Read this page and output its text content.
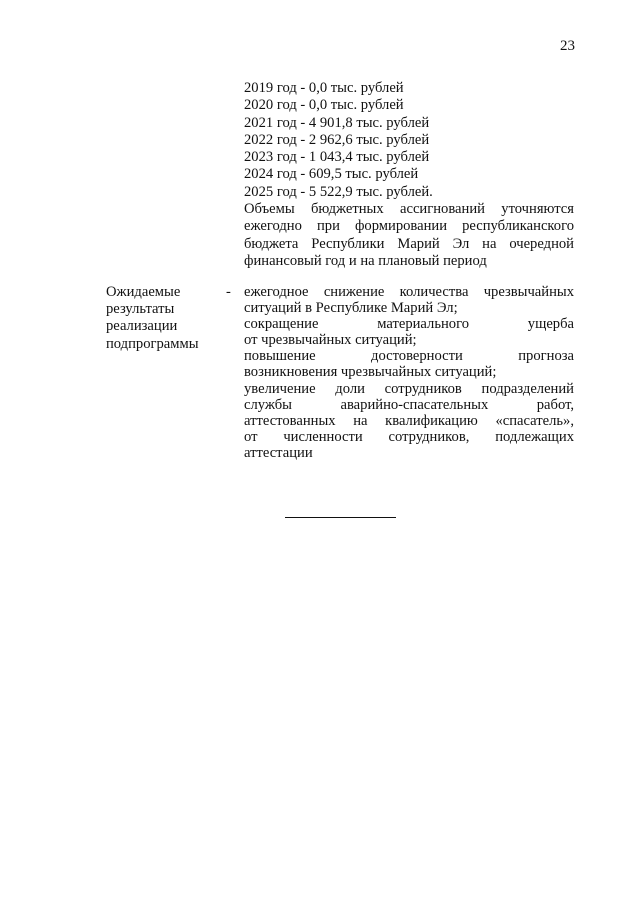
23
2019 год - 0,0 тыс. рублей
2020 год - 0,0 тыс. рублей
2021 год - 4 901,8 тыс. рублей
2022 год - 2 962,6 тыс. рублей
2023 год - 1 043,4 тыс. рублей
2024 год - 609,5 тыс. рублей
2025 год - 5 522,9 тыс. рублей.
Объемы бюджетных ассигнований уточняются
ежегодно при формировании республиканского
бюджета Республики Марий Эл на очередной
финансовый год и на плановый период
Ожидаемые
результаты
реализации
подпрограммы
- ежегодное снижение количества чрезвычайных
ситуаций в Республике Марий Эл;
сокращение материального ущерба
от чрезвычайных ситуаций;
повышение достоверности прогноза
возникновения чрезвычайных ситуаций;
увеличение доли сотрудников подразделений
службы аварийно-спасательных работ,
аттестованных на квалификацию «спасатель»,
от численности сотрудников, подлежащих
аттестации
